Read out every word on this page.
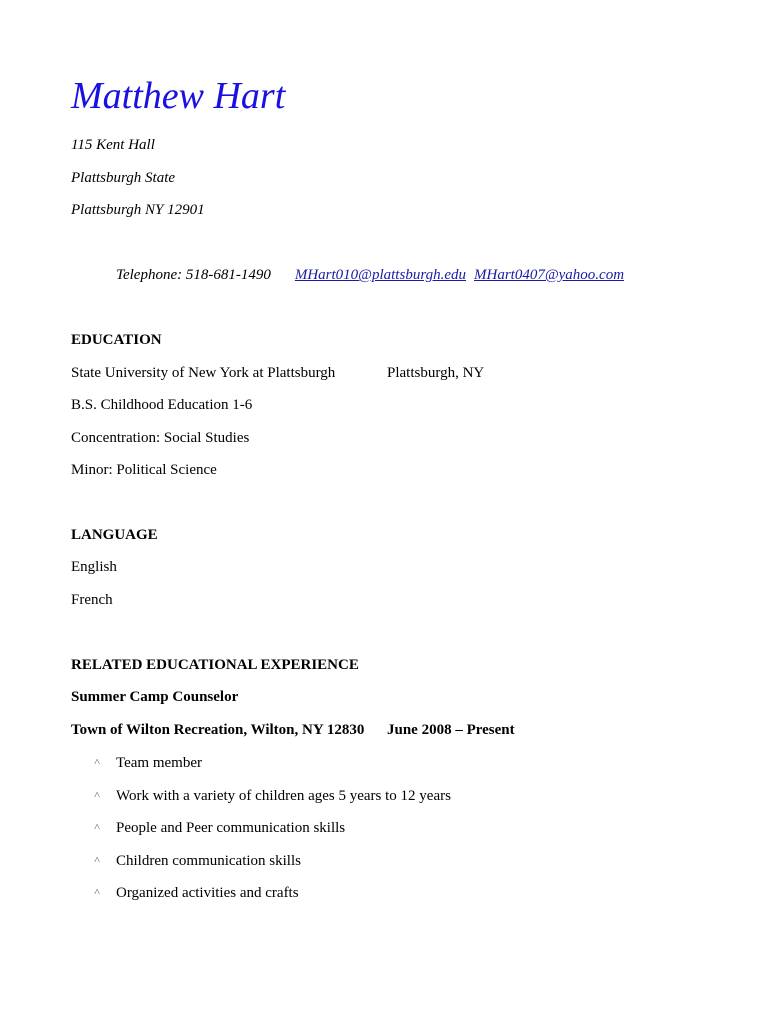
Matthew Hart
115 Kent Hall
Plattsburgh State
Plattsburgh NY 12901
Telephone: 518-681-1490 MHart010@plattsburgh.edu MHart0407@yahoo.com
EDUCATION
State University of New York at Plattsburgh	Plattsburgh, NY
B.S. Childhood Education 1-6
Concentration: Social Studies
Minor: Political Science
LANGUAGE
English
French
RELATED EDUCATIONAL EXPERIENCE
Summer Camp Counselor
Town of Wilton Recreation, Wilton, NY 12830 June 2008 – Present
˄ Team member
˄ Work with a variety of children ages 5 years to 12 years
˄ People and Peer communication skills
˄ Children communication skills
˄ Organized activities and crafts
